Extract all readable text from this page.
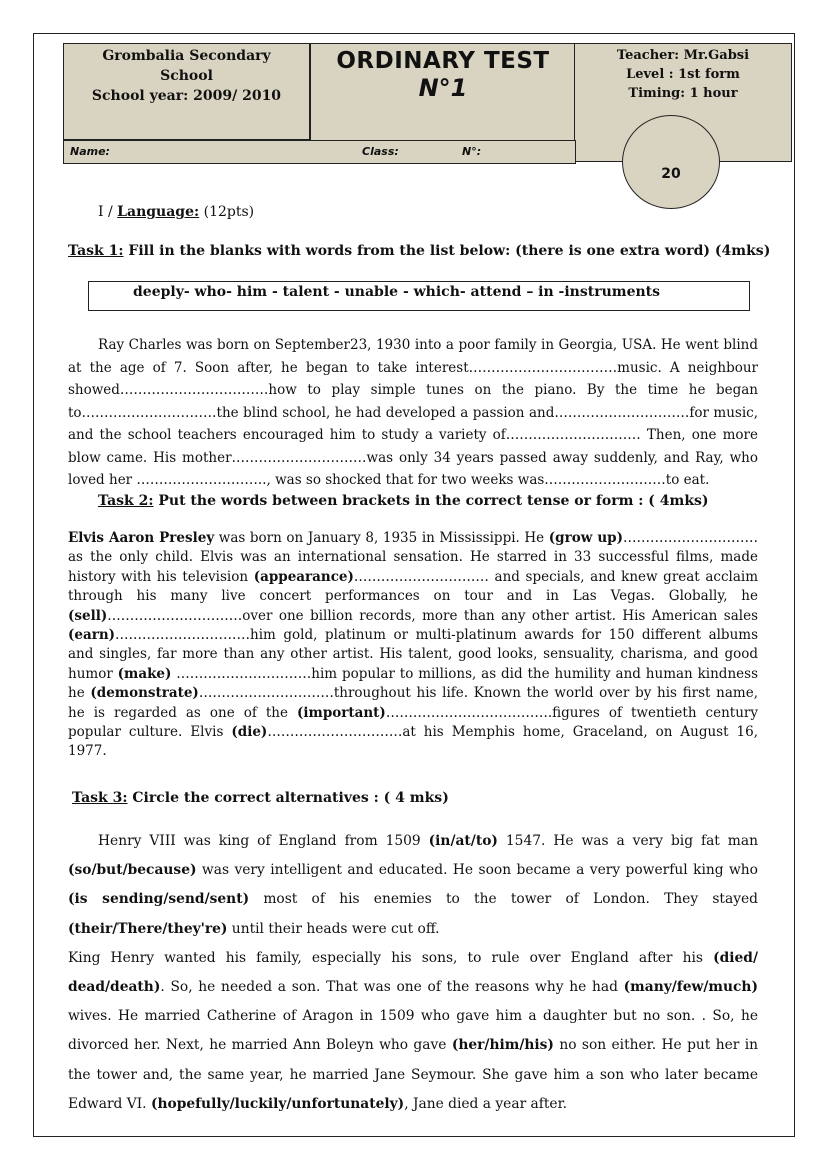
Grombalia Secondary
School
School year: 2009/ 2010
ORDINARY TEST
N°1
Teacher: Mr.Gabsi
Level : 1st form
Timing: 1 hour
Name:	Class:	N°:
20
I / Language: (12pts)
Task 1: Fill in the blanks with words from the list below: (there is one extra word) (4mks)
deeply- who- him - talent - unable - which- attend – in -instruments
Ray Charles was born on September23, 1930 into a poor family in Georgia, USA. He went blind at the age of 7. Soon after, he began to take interest……………………………music. A neighbour showed……………………………how to play simple tunes on the piano. By the time he began to…………………………the blind school, he had developed a passion and…………………………for music, and the school teachers encouraged him to study a variety of………………………… Then, one more blow came. His mother…………………………was only 34 years passed away suddenly, and Ray, who loved her ……………………….., was so shocked that for two weeks was………………………to eat.
Task 2: Put the words between brackets in the correct tense or form : ( 4mks)
Elvis Aaron Presley was born on January 8, 1935 in Mississippi. He (grow up)…………………………as the only child. Elvis was an international sensation. He starred in 33 successful films, made history with his television (appearance)………………………… and specials, and knew great acclaim through his many live concert performances on tour and in Las Vegas. Globally, he (sell)…………………………over one billion records, more than any other artist. His American sales (earn)…………………………him gold, platinum or multi-platinum awards for 150 different albums and singles, far more than any other artist. His talent, good looks, sensuality, charisma, and good humor (make) …………………………him popular to millions, as did the humility and human kindness he (demonstrate)…………………………throughout his life. Known the world over by his first name, he is regarded as one of the (important)……………………………….figures of twentieth century popular culture. Elvis (die)…………………………at his Memphis home, Graceland, on August 16, 1977.
Task 3: Circle the correct alternatives : ( 4 mks)
Henry VIII was king of England from 1509 (in/at/to) 1547. He was a very big fat man (so/but/because) was very intelligent and educated. He soon became a very powerful king who (is sending/send/sent) most of his enemies to the tower of London. They stayed (their/There/they're) until their heads were cut off.
King Henry wanted his family, especially his sons, to rule over England after his (died/ dead/death). So, he needed a son. That was one of the reasons why he had (many/few/much) wives. He married Catherine of Aragon in 1509 who gave him a daughter but no son. . So, he divorced her. Next, he married Ann Boleyn who gave (her/him/his) no son either. He put her in the tower and, the same year, he married Jane Seymour. She gave him a son who later became Edward VI. (hopefully/luckily/unfortunately), Jane died a year after.
